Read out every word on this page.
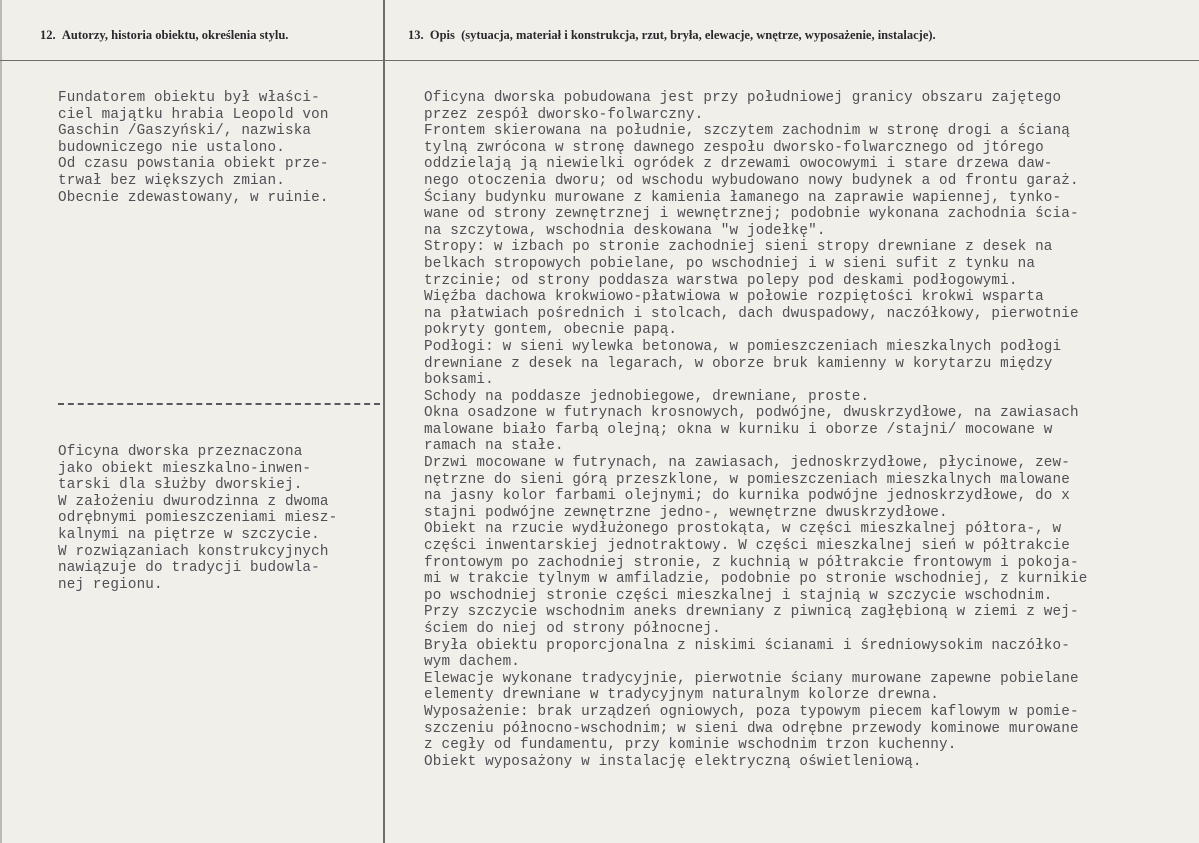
12. Autorzy, historia obiektu, określenia stylu.	13. Opis (sytuacja, materiał i konstrukcja, rzut, bryła, elewacje, wnętrze, wyposażenie, instalacje).
Fundatorem obiektu był właści-
ciel majątku hrabia Leopold von
Gaschin /Gaszyński/, nazwiska
budowniczego nie ustalono.
Od czasu powstania obiekt prze-
trwał bez większych zmian.
Obecnie zdewastowany, w ruinie.
Oficyna dworska przeznaczona
jako obiekt mieszkalno-inwen-
tarski dla służby dworskiej.
W założeniu dwurodzinna z dwoma
odrębnymi pomieszczeniami miesz-
kalnymi na piętrze w szczycie.
W rozwiązaniach konstrukcyjnych
nawiązuje do tradycji budowla-
nej regionu.
Oficyna dworska pobudowana jest przy południowej granicy obszaru zajętego
przez zespół dworsko-folwarczny.
Frontem skierowana na południe, szczytem zachodnim w stronę drogi a ścianą
tylną zwrócona w stronę dawnego zespołu dworsko-folwarcznego od jtórego
oddzielają ją niewielki ogródek z drzewami owocowymi i stare drzewa daw-
nego otoczenia dworu; od wschodu wybudowano nowy budynek a od frontu garaż.
Ściany budynku murowane z kamienia łamanego na zaprawie wapiennej, tynko-
wane od strony zewnętrznej i wewnętrznej; podobnie wykonana zachodnia ścia-
na szczytowa, wschodnia deskowana "w jodełkę".
Stropy: w izbach po stronie zachodniej sieni stropy drewniane z desek na
belkach stropowych pobielane, po wschodniej i w sieni sufit z tynku na
trzcinie; od strony poddasza warstwa polepy pod deskami podłogowymi.
Więźba dachowa krokwiowo-płatwiowa w połowie rozpiętości krokwi wsparta
na płatwiach pośrednich i stolcach, dach dwuspadowy, naczółkowy, pierwotnie
pokryty gontem, obecnie papą.
Podłogi: w sieni wylewka betonowa, w pomieszczeniach mieszkalnych podłogi
drewniane z desek na legarach, w oborze bruk kamienny w korytarzu między
boksami.
Schody na poddasze jednobiegowe, drewniane, proste.
Okna osadzone w futrynach krosnowych, podwójne, dwuskrzydłowe, na zawiasach
malowane biało farbą olejną; okna w kurniku i oborze /stajni/ mocowane w
ramach na stałe.
Drzwi mocowane w futrynach, na zawiasach, jednoskrzydłowe, płycinowe, zew-
nętrzne do sieni górą przeszklone, w pomieszczeniach mieszkalnych malowane
na jasny kolor farbami olejnymi; do kurnika podwójne jednoskrzydłowe, do x
stajni podwójne zewnętrzne jedno-, wewnętrzne dwuskrzydłowe.
Obiekt na rzucie wydłużonego prostokąta, w części mieszkalnej półtora-, w
części inwentarskiej jednotraktowy. W części mieszkalnej sień w półtrakcie
frontowym po zachodniej stronie, z kuchnią w półtrakcie frontowym i pokoja-
mi w trakcie tylnym w amfiladzie, podobnie po stronie wschodniej, z kurnikie
po wschodniej stronie części mieszkalnej i stajnią w szczycie wschodnim.
Przy szczycie wschodnim aneks drewniany z piwnicą zagłębioną w ziemi z wej-
ściem do niej od strony północnej.
Bryła obiektu proporcjonalna z niskimi ścianami i średniowysokim naczółko-
wym dachem.
Elewacje wykonane tradycyjnie, pierwotnie ściany murowane zapewne pobielane
elementy drewniane w tradycyjnym naturalnym kolorze drewna.
Wyposażenie: brak urządzeń ogniowych, poza typowym piecem kaflowym w pomie-
szczeniu północno-wschodnim; w sieni dwa odrębne przewody kominowe murowane
z cegły od fundamentu, przy kominie wschodnim trzon kuchenny.
Obiekt wyposażony w instalację elektryczną oświetleniową.
